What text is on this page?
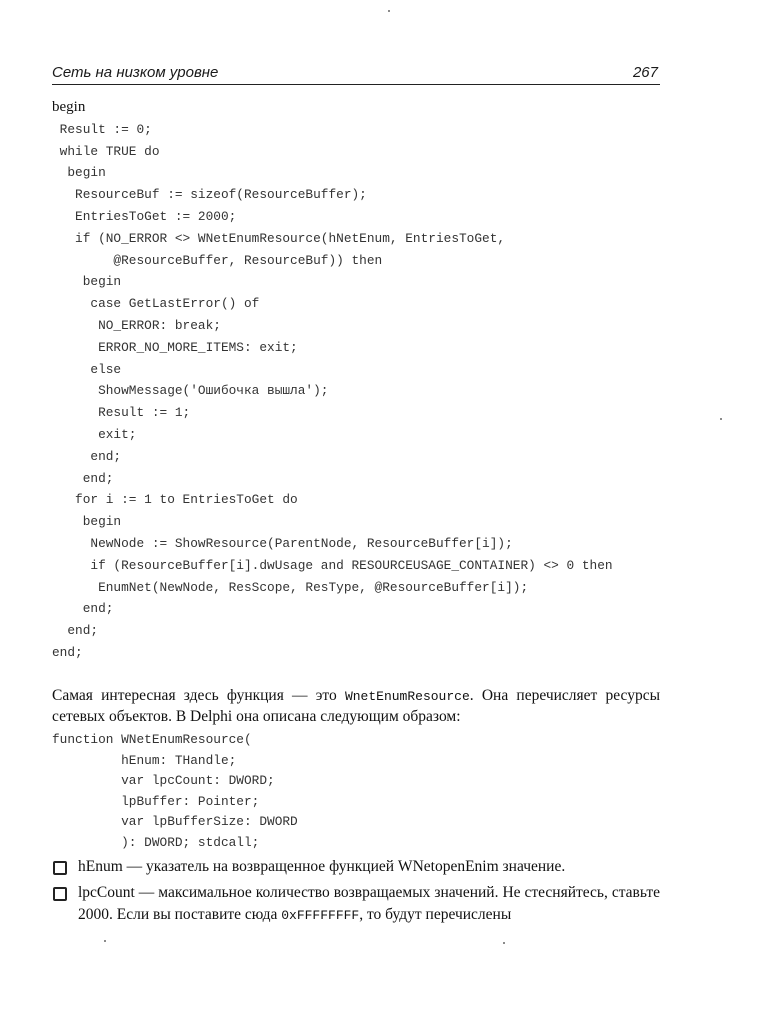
Сеть на низком уровне	267
begin
Result := 0;
while TRUE do
begin
ResourceBuf := sizeof(ResourceBuffer);
EntriesToGet := 2000;
if (NO_ERROR <> WNetEnumResource(hNetEnum, EntriesToGet,
@ResourceBuffer, ResourceBuf)) then
begin
case GetLastError() of
NO_ERROR: break;
ERROR_NO_MORE_ITEMS: exit;
else
ShowMessage('Ошибочка вышла');
Result := 1;
exit;
end;
end;
for i := 1 to EntriesToGet do
begin
NewNode := ShowResource(ParentNode, ResourceBuffer[i]);
if (ResourceBuffer[i].dwUsage and RESOURCEUSAGE_CONTAINER) <> 0 then
EnumNet(NewNode, ResScope, ResType, @ResourceBuffer[i]);
end;
end;
end;
Самая интересная здесь функция — это WnetEnumResource. Она перечисляет ресурсы сетевых объектов. В Delphi она описана следующим образом:
function WNetEnumResource(
hEnum: THandle;
var lpcCount: DWORD;
lpBuffer: Pointer;
var lpBufferSize: DWORD
): DWORD; stdcall;
hEnum — указатель на возвращенное функцией WNetopenEnim значение.
lpcCount — максимальное количество возвращаемых значений. Не стесняйтесь, ставьте 2000. Если вы поставите сюда 0xFFFFFFFF, то будут перечислены
